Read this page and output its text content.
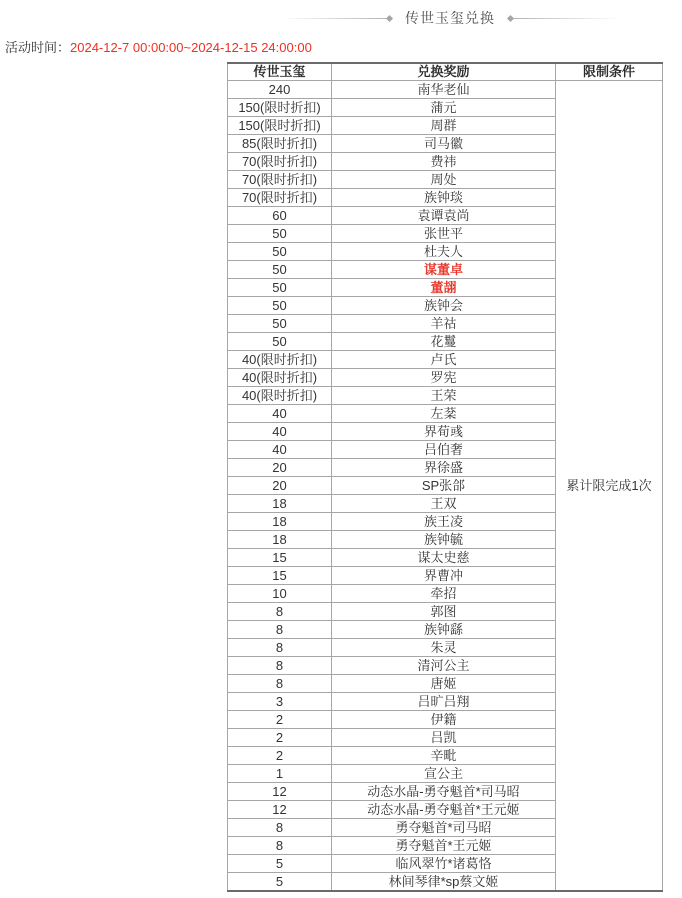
传世玉玺兑换
活动时间：2024-12-7 00:00:00~2024-12-15 24:00:00
传世玉玺	兑换奖励	限制条件
240	南华老仙	累计限完成1次
150(限时折扣)	蒲元	
150(限时折扣)	周群	
85(限时折扣)	司马徽	
70(限时折扣)	费祎	
70(限时折扣)	周处	
70(限时折扣)	族钟琰	
60	袁谭袁尚	
50	张世平	
50	杜夫人	
50	谋董卓	
50	董翓	
50	族钟会	
50	羊祜	
50	花鬘	
40(限时折扣)	卢氏	
40(限时折扣)	罗宪	
40(限时折扣)	王荣	
40	左棻	
40	界荀彧	
40	吕伯奢	
20	界徐盛	
20	SP张郃	
18	王双	
18	族王凌	
18	族钟毓	
15	谋太史慈	
15	界曹冲	
10	牵招	
8	郭图	
8	族钟繇	
8	朱灵	
8	清河公主	
8	唐姬	
3	吕旷吕翔	
2	伊籍	
2	吕凯	
2	辛毗	
1	宣公主	
12	动态水晶-勇夺魁首*司马昭	
12	动态水晶-勇夺魁首*王元姬	
8	勇夺魁首*司马昭	
8	勇夺魁首*王元姬	
5	临风翠竹*诸葛恪	
5	林间琴律*sp蔡文姬	
